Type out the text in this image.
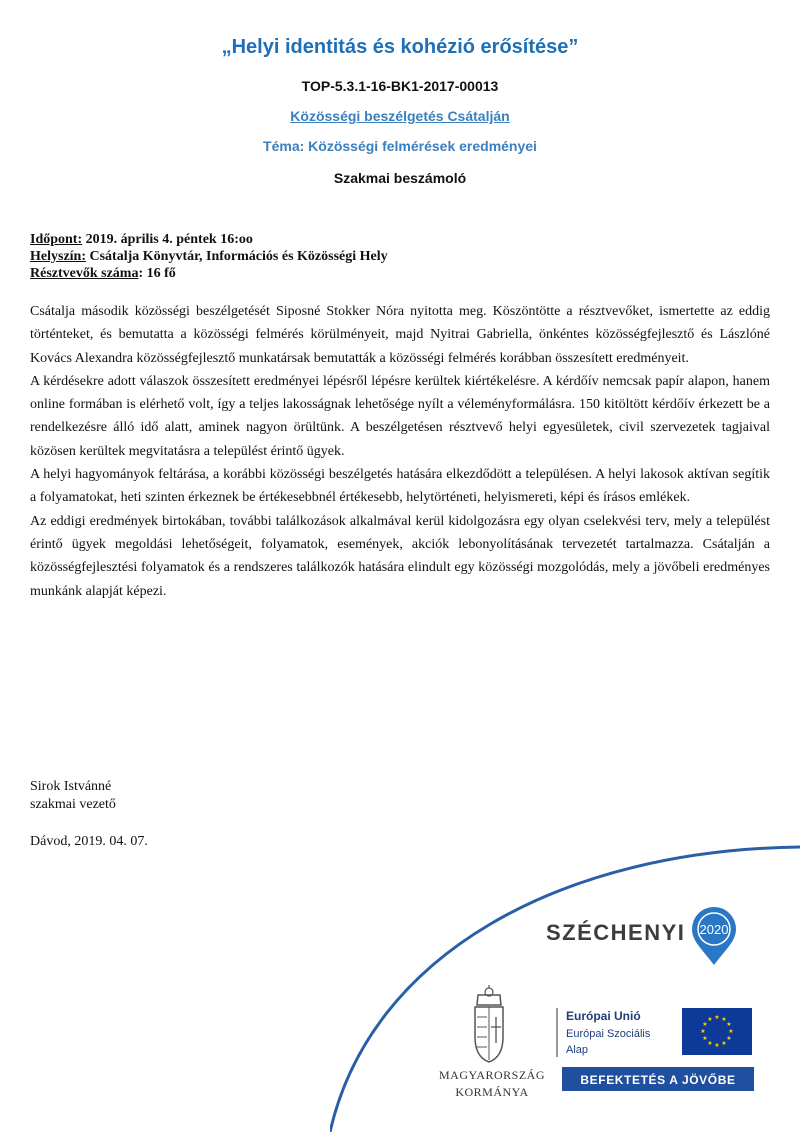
„Helyi identitás és kohézió erősítése”
TOP-5.3.1-16-BK1-2017-00013
Közösségi beszélgetés Csátalján
Téma: Közösségi felmérések eredményei
Szakmai beszámoló
Időpont: 2019. április 4. péntek 16:oo
Helyszín: Csátalja Könyvtár, Információs és Közösségi Hely
Résztvevők száma: 16 fő

Csátalja második közösségi beszélgetését Siposné Stokker Nóra nyitotta meg. Köszöntötte a résztvevőket, ismertette az eddig történteket, és bemutatta a közösségi felmérés körülményeit, majd Nyitrai Gabriella, önkéntes közösségfejlesztő és Lászlóné Kovács Alexandra közösségfejlesztő munkatársak bemutatták a közösségi felmérés korábban összesített eredményeit.

A kérdésekre adott válaszok összesített eredményei lépésről lépésre kerültek kiértékelésre. A kérdőív nemcsak papír alapon, hanem online formában is elérhető volt, így a teljes lakosságnak lehetősége nyílt a véleményformálásra. 150 kitöltött kérdőív érkezett be a rendelkezésre álló idő alatt, aminek nagyon örültünk. A beszélgetésen résztvevő helyi egyesületek, civil szervezetek tagjaival közösen kerültek megvitatásra a települést érintő ügyek.

A helyi hagyományok feltárása, a korábbi közösségi beszélgetés hatására elkezdődött a településen. A helyi lakosok aktívan segítik a folyamatokat, heti szinten érkeznek be értékesebbnél értékesebb, helytörténeti, helyismereti, képi és írásos emlékek.

Az eddigi eredmények birtokában, további találkozások alkalmával kerül kidolgozásra egy olyan cselekvési terv, mely a települést érintő ügyek megoldási lehetőségeit, folyamatok, események, akciók lebonyolításának tervezetét tartalmazza. Csátalján a közösségfejlesztési folyamatok és a rendszeres találkozók hatására elindult egy közösségi mozgolódás, mely a jövőbeli eredményes munkánk alapját képezi.

Sirok Istvánné
szakmai vezető
Dávod, 2019. 04. 07.
SZÉCHENYI 2020
MAGYARORSZÁG
KORMÁNYA
Európai Unió
Európai Szociális
Alap
★ ★
★
★
★
★
★
★
★
★
★
★
BEFEKTETÉS A JÖVŐBE
